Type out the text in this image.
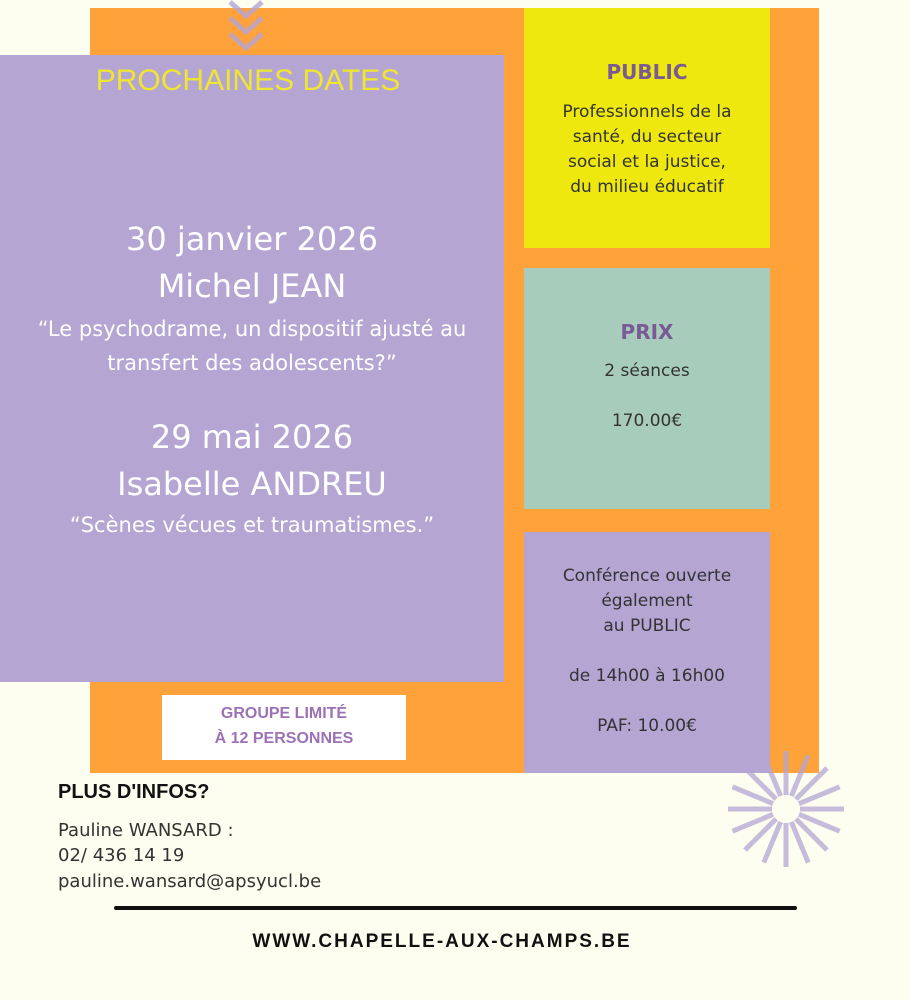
PROCHAINES DATES
30 janvier 2026
Michel JEAN
“Le psychodrame, un dispositif ajusté au
transfert des adolescents?”
29 mai 2026
Isabelle ANDREU
“Scènes vécues et traumatismes.”
PUBLIC
Professionnels de la
santé, du secteur
social et la justice,
du milieu éducatif
PRIX
2 séances
170.00€
Conférence ouverte
également
au PUBLIC
de 14h00 à 16h00
PAF: 10.00€
GROUPE LIMITÉ
À 12 PERSONNES
PLUS D'INFOS?
Pauline WANSARD :
02/ 436 14 19
pauline.wansard@apsyucl.be
WWW.CHAPELLE-AUX-CHAMPS.BE
